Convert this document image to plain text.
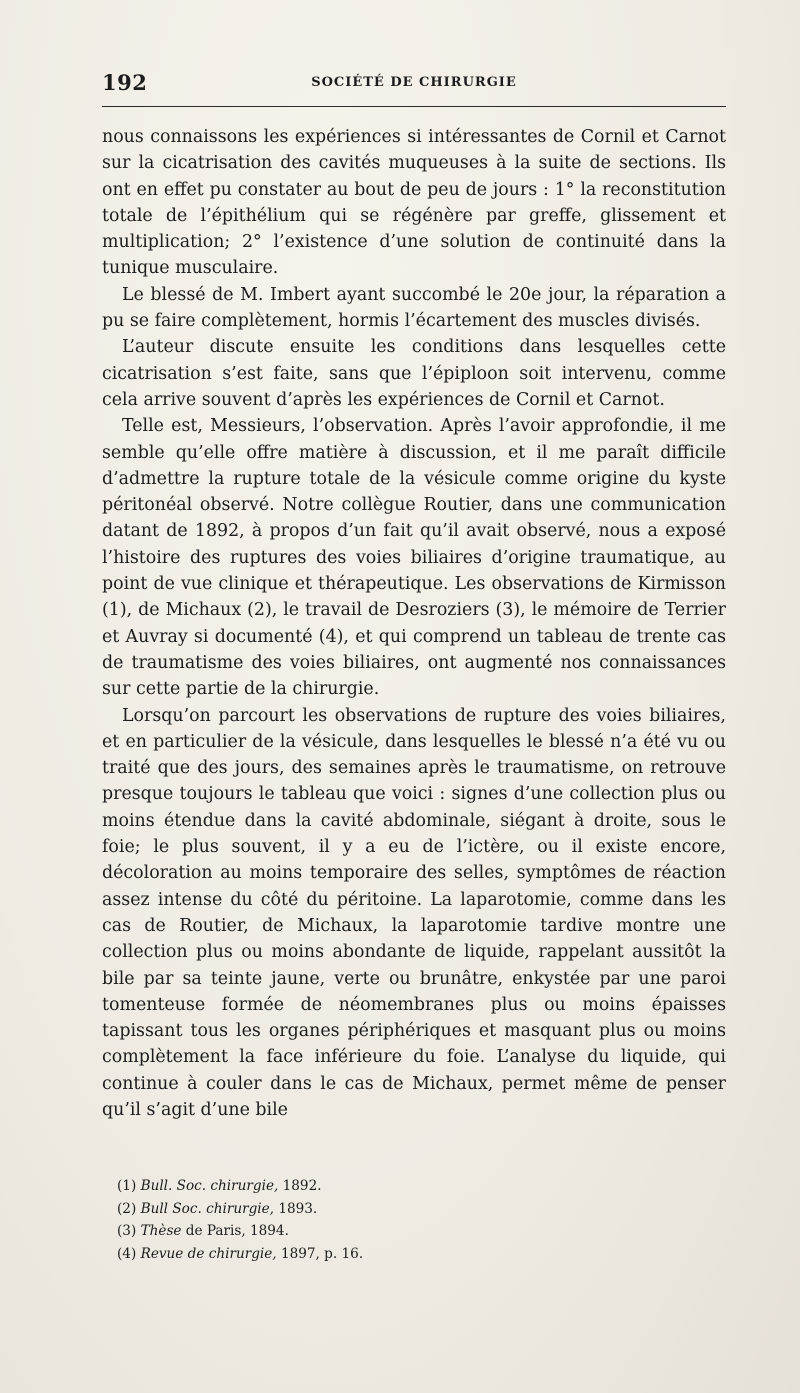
192	SOCIÉTÉ DE CHIRURGIE

nous connaissons les expériences si intéressantes de Cornil et Carnot sur la cicatrisation des cavités muqueuses à la suite de sections. Ils ont en effet pu constater au bout de peu de jours : 1° la reconstitution totale de l’épithélium qui se régénère par greffe, glissement et multiplication; 2° l’existence d’une solution de continuité dans la tunique musculaire.

Le blessé de M. Imbert ayant succombé le 20e jour, la réparation a pu se faire complètement, hormis l’écartement des muscles divisés.

L’auteur discute ensuite les conditions dans lesquelles cette cicatrisation s’est faite, sans que l’épiploon soit intervenu, comme cela arrive souvent d’après les expériences de Cornil et Carnot.

Telle est, Messieurs, l’observation. Après l’avoir approfondie, il me semble qu’elle offre matière à discussion, et il me paraît difficile d’admettre la rupture totale de la vésicule comme origine du kyste péritonéal observé. Notre collègue Routier, dans une communication datant de 1892, à propos d’un fait qu’il avait observé, nous a exposé l’histoire des ruptures des voies biliaires d’origine traumatique, au point de vue clinique et thérapeutique. Les observations de Kirmisson (1), de Michaux (2), le travail de Desroziers (3), le mémoire de Terrier et Auvray si documenté (4), et qui comprend un tableau de trente cas de traumatisme des voies biliaires, ont augmenté nos connaissances sur cette partie de la chirurgie.

Lorsqu’on parcourt les observations de rupture des voies biliaires, et en particulier de la vésicule, dans lesquelles le blessé n’a été vu ou traité que des jours, des semaines après le traumatisme, on retrouve presque toujours le tableau que voici : signes d’une collection plus ou moins étendue dans la cavité abdominale, siégant à droite, sous le foie; le plus souvent, il y a eu de l’ictère, ou il existe encore, décoloration au moins temporaire des selles, symptômes de réaction assez intense du côté du péritoine. La laparotomie, comme dans les cas de Routier, de Michaux, la laparotomie tardive montre une collection plus ou moins abondante de liquide, rappelant aussitôt la bile par sa teinte jaune, verte ou brunâtre, enkystée par une paroi tomenteuse formée de néomembranes plus ou moins épaisses tapissant tous les organes périphériques et masquant plus ou moins complètement la face inférieure du foie. L’analyse du liquide, qui continue à couler dans le cas de Michaux, permet même de penser qu’il s’agit d’une bile

(1) Bull. Soc. chirurgie, 1892.
(2) Bull Soc. chirurgie, 1893.
(3) Thèse de Paris, 1894.
(4) Revue de chirurgie, 1897, p. 16.
